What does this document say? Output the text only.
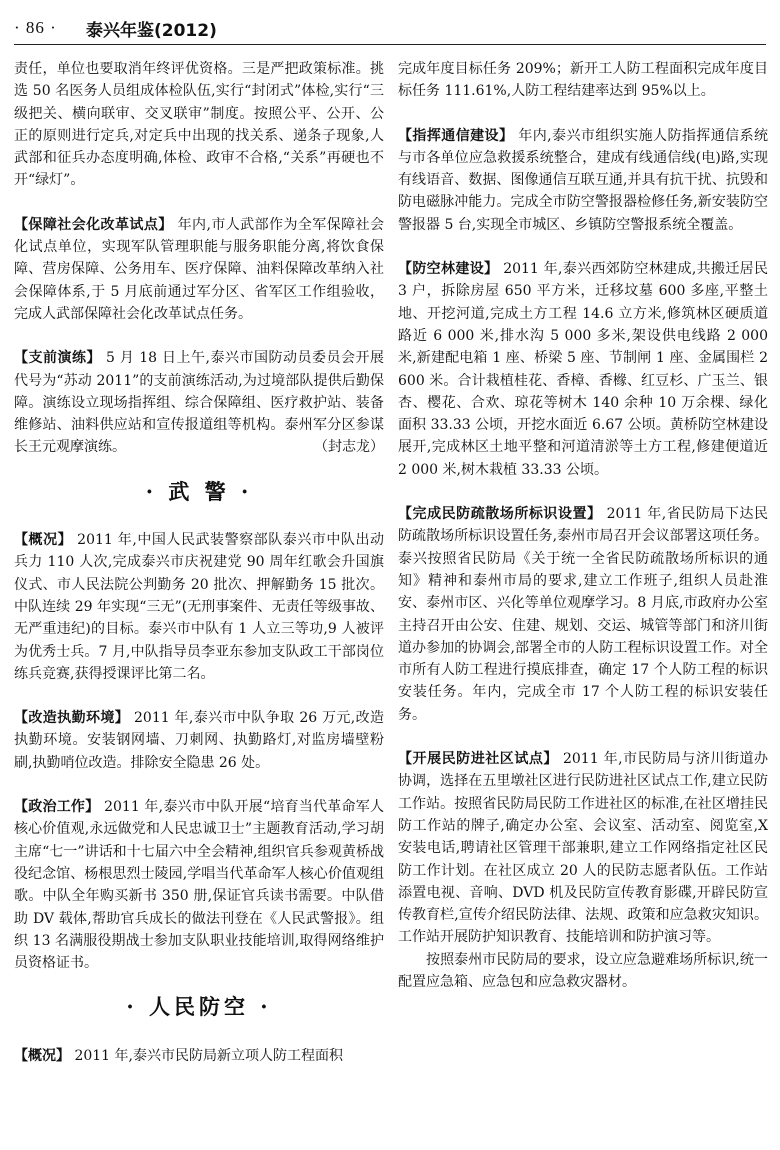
· 86 · 泰兴年鉴(2012)

责任，单位也要取消年终评优资格。三是严把政策标准。挑选 50 名医务人员组成体检队伍,实行“封闭式”体检,实行“三级把关、横向联审、交叉联审”制度。按照公平、公开、公正的原则进行定兵,对定兵中出现的找关系、递条子现象,人武部和征兵办态度明确,体检、政审不合格,“关系”再硬也不开“绿灯”。

【保障社会化改革试点】 年内,市人武部作为全军保障社会化试点单位，实现军队管理职能与服务职能分离,将饮食保障、营房保障、公务用车、医疗保障、油料保障改革纳入社会保障体系,于 5 月底前通过军分区、省军区工作组验收，完成人武部保障社会化改革试点任务。

【支前演练】 5 月 18 日上午,泰兴市国防动员委员会开展代号为“苏动 2011”的支前演练活动,为过境部队提供后勤保障。演练设立现场指挥组、综合保障组、医疗救护站、装备维修站、油料供应站和宣传报道组等机构。泰州军分区参谋长王元观摩演练。	（封志龙）

· 武 警 ·

【概况】 2011 年,中国人民武装警察部队泰兴市中队出动兵力 110 人次,完成泰兴市庆祝建党 90 周年红歌会升国旗仪式、市人民法院公判勤务 20 批次、押解勤务 15 批次。中队连续 29 年实现“三无”(无刑事案件、无责任等级事故、无严重违纪)的目标。泰兴市中队有 1 人立三等功,9 人被评为优秀士兵。7 月,中队指导员李亚东参加支队政工干部岗位练兵竞赛,获得授课评比第二名。

【改造执勤环境】 2011 年,泰兴市中队争取 26 万元,改造执勤环境。安装钢网墙、刀刺网、执勤路灯,对监房墙壁粉刷,执勤哨位改造。排除安全隐患 26 处。

【政治工作】 2011 年,泰兴市中队开展“培育当代革命军人核心价值观,永远做党和人民忠诚卫士”主题教育活动,学习胡主席“七一”讲话和十七届六中全会精神,组织官兵参观黄桥战役纪念馆、杨根思烈士陵园,学唱当代革命军人核心价值观组歌。中队全年购买新书 350 册,保证官兵读书需要。中队借助 DV 载体,帮助官兵成长的做法刊登在《人民武警报》。组织 13 名满服役期战士参加支队职业技能培训,取得网络维护员资格证书。

· 人民防空 ·

【概况】 2011 年,泰兴市民防局新立项人防工程面积

完成年度目标任务 209%；新开工人防工程面积完成年度目标任务 111.61%,人防工程结建率达到 95%以上。

【指挥通信建设】 年内,泰兴市组织实施人防指挥通信系统与市各单位应急救援系统整合，建成有线通信线(电)路,实现有线语音、数据、图像通信互联互通,并具有抗干扰、抗毁和防电磁脉冲能力。完成全市防空警报器检修任务,新安装防空警报器 5 台,实现全市城区、乡镇防空警报系统全覆盖。

【防空林建设】 2011 年,泰兴西郊防空林建成,共搬迁居民 3 户，拆除房屋 650 平方米，迁移坟墓 600 多座,平整土地、开挖河道,完成土方工程 14.6 立方米,修筑林区硬质道路近 6 000 米,排水沟 5 000 多米,架设供电线路 2 000 米,新建配电箱 1 座、桥梁 5 座、节制闸 1 座、金属围栏 2 600 米。合计栽植桂花、香樟、香橼、红豆杉、广玉兰、银杏、樱花、合欢、琼花等树木 140 余种 10 万余棵、绿化面积 33.33 公顷，开挖水面近 6.67 公顷。黄桥防空林建设展开,完成林区土地平整和河道清淤等土方工程,修建便道近 2 000 米,树木栽植 33.33 公顷。

【完成民防疏散场所标识设置】 2011 年,省民防局下达民防疏散场所标识设置任务,泰州市局召开会议部署这项任务。泰兴按照省民防局《关于统一全省民防疏散场所标识的通知》精神和泰州市局的要求,建立工作班子,组织人员赴淮安、泰州市区、兴化等单位观摩学习。8 月底,市政府办公室主持召开由公安、住建、规划、交运、城管等部门和济川街道办参加的协调会,部署全市的人防工程标识设置工作。对全市所有人防工程进行摸底排查，确定 17 个人防工程的标识安装任务。年内，完成全市 17 个人防工程的标识安装任务。

【开展民防进社区试点】 2011 年,市民防局与济川街道办协调，选择在五里墩社区进行民防进社区试点工作,建立民防工作站。按照省民防局民防工作进社区的标准,在社区增挂民防工作站的牌子,确定办公室、会议室、活动室、阅览室,X 安装电话,聘请社区管理干部兼职,建立工作网络指定社区民防工作计划。在社区成立 20 人的民防志愿者队伍。工作站添置电视、音响、DVD 机及民防宣传教育影碟,开辟民防宣传教育栏,宣传介绍民防法律、法规、政策和应急救灾知识。工作站开展防护知识教育、技能培训和防护演习等。

按照泰州市民防局的要求，设立应急避难场所标识,统一配置应急箱、应急包和应急救灾器材。
